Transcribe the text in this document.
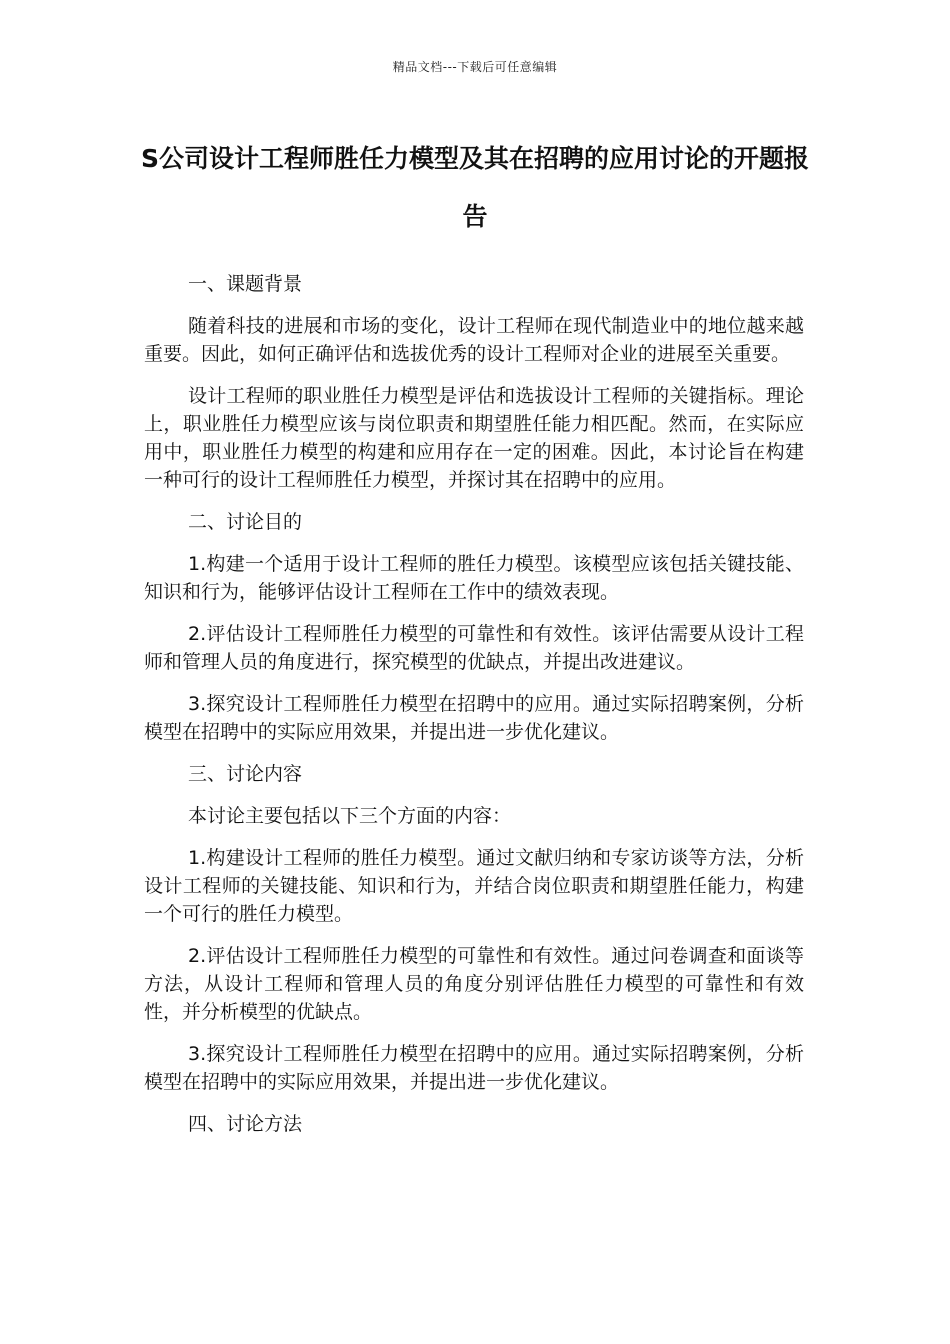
精品文档---下载后可任意编辑
S公司设计工程师胜任力模型及其在招聘的应用讨论的开题报告

一、课题背景

随着科技的进展和市场的变化，设计工程师在现代制造业中的地位越来越重要。因此，如何正确评估和选拔优秀的设计工程师对企业的进展至关重要。

设计工程师的职业胜任力模型是评估和选拔设计工程师的关键指标。理论上，职业胜任力模型应该与岗位职责和期望胜任能力相匹配。然而，在实际应用中，职业胜任力模型的构建和应用存在一定的困难。因此，本讨论旨在构建一种可行的设计工程师胜任力模型，并探讨其在招聘中的应用。

二、讨论目的

1.构建一个适用于设计工程师的胜任力模型。该模型应该包括关键技能、知识和行为，能够评估设计工程师在工作中的绩效表现。

2.评估设计工程师胜任力模型的可靠性和有效性。该评估需要从设计工程师和管理人员的角度进行，探究模型的优缺点，并提出改进建议。

3.探究设计工程师胜任力模型在招聘中的应用。通过实际招聘案例，分析模型在招聘中的实际应用效果，并提出进一步优化建议。

三、讨论内容

本讨论主要包括以下三个方面的内容：

1.构建设计工程师的胜任力模型。通过文献归纳和专家访谈等方法，分析设计工程师的关键技能、知识和行为，并结合岗位职责和期望胜任能力，构建一个可行的胜任力模型。

2.评估设计工程师胜任力模型的可靠性和有效性。通过问卷调查和面谈等方法，从设计工程师和管理人员的角度分别评估胜任力模型的可靠性和有效性，并分析模型的优缺点。

3.探究设计工程师胜任力模型在招聘中的应用。通过实际招聘案例，分析模型在招聘中的实际应用效果，并提出进一步优化建议。

四、讨论方法
